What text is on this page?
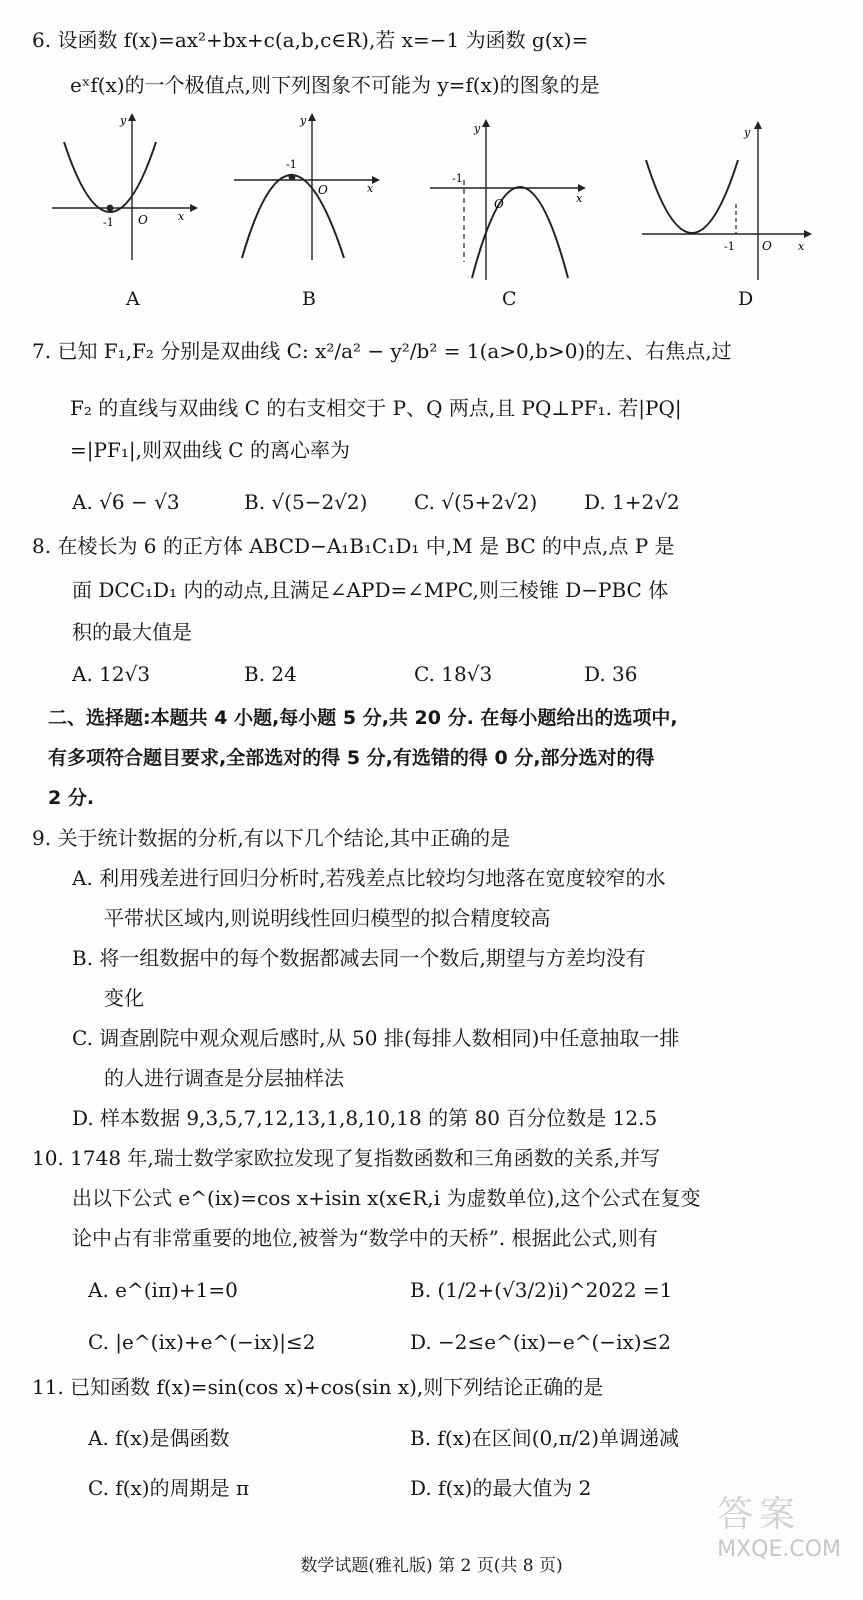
6. 设函数 f(x)=ax²+bx+c(a,b,c∈R),若 x=−1 为函数 g(x)=
eˣf(x)的一个极值点,则下列图象不可能为 y=f(x)的图象的是
-1 O	x
y
-1
O	x
y
-1
O	x
y
-1 O x
y
A	B	C	D
7. 已知 F₁,F₂ 分别是双曲线 C: x²/a² − y²/b² = 1(a>0,b>0)的左、右焦点,过
F₂ 的直线与双曲线 C 的右支相交于 P、Q 两点,且 PQ⊥PF₁. 若|PQ|
=|PF₁|,则双曲线 C 的离心率为
A. √6 − √3	B. √(5−2√2) C. √(5+2√2) D. 1+2√2
8. 在棱长为 6 的正方体 ABCD−A₁B₁C₁D₁ 中,M 是 BC 的中点,点 P 是
面 DCC₁D₁ 内的动点,且满足∠APD=∠MPC,则三棱锥 D−PBC 体
积的最大值是
A. 12√3	B. 24	C. 18√3	D. 36
二、选择题:本题共 4 小题,每小题 5 分,共 20 分. 在每小题给出的选项中,
有多项符合题目要求,全部选对的得 5 分,有选错的得 0 分,部分选对的得
2 分.
9. 关于统计数据的分析,有以下几个结论,其中正确的是
A. 利用残差进行回归分析时,若残差点比较均匀地落在宽度较窄的水
平带状区域内,则说明线性回归模型的拟合精度较高
B. 将一组数据中的每个数据都减去同一个数后,期望与方差均没有
变化
C. 调查剧院中观众观后感时,从 50 排(每排人数相同)中任意抽取一排
的人进行调查是分层抽样法
D. 样本数据 9,3,5,7,12,13,1,8,10,18 的第 80 百分位数是 12.5
10. 1748 年,瑞士数学家欧拉发现了复指数函数和三角函数的关系,并写
出以下公式 e^(ix)=cos x+isin x(x∈R,i 为虚数单位),这个公式在复变
论中占有非常重要的地位,被誉为“数学中的天桥”. 根据此公式,则有
A. e^(iπ)+1=0	B. (1/2+(√3/2)i)^2022 =1
C. |e^(ix)+e^(−ix)|≤2	D. −2≤e^(ix)−e^(−ix)≤2
11. 已知函数 f(x)=sin(cos x)+cos(sin x),则下列结论正确的是
A. f(x)是偶函数	B. f(x)在区间(0,π/2)单调递减
C. f(x)的周期是 π	D. f(x)的最大值为 2
答案
MXQE.COM
数学试题(雅礼版) 第 2 页(共 8 页)
